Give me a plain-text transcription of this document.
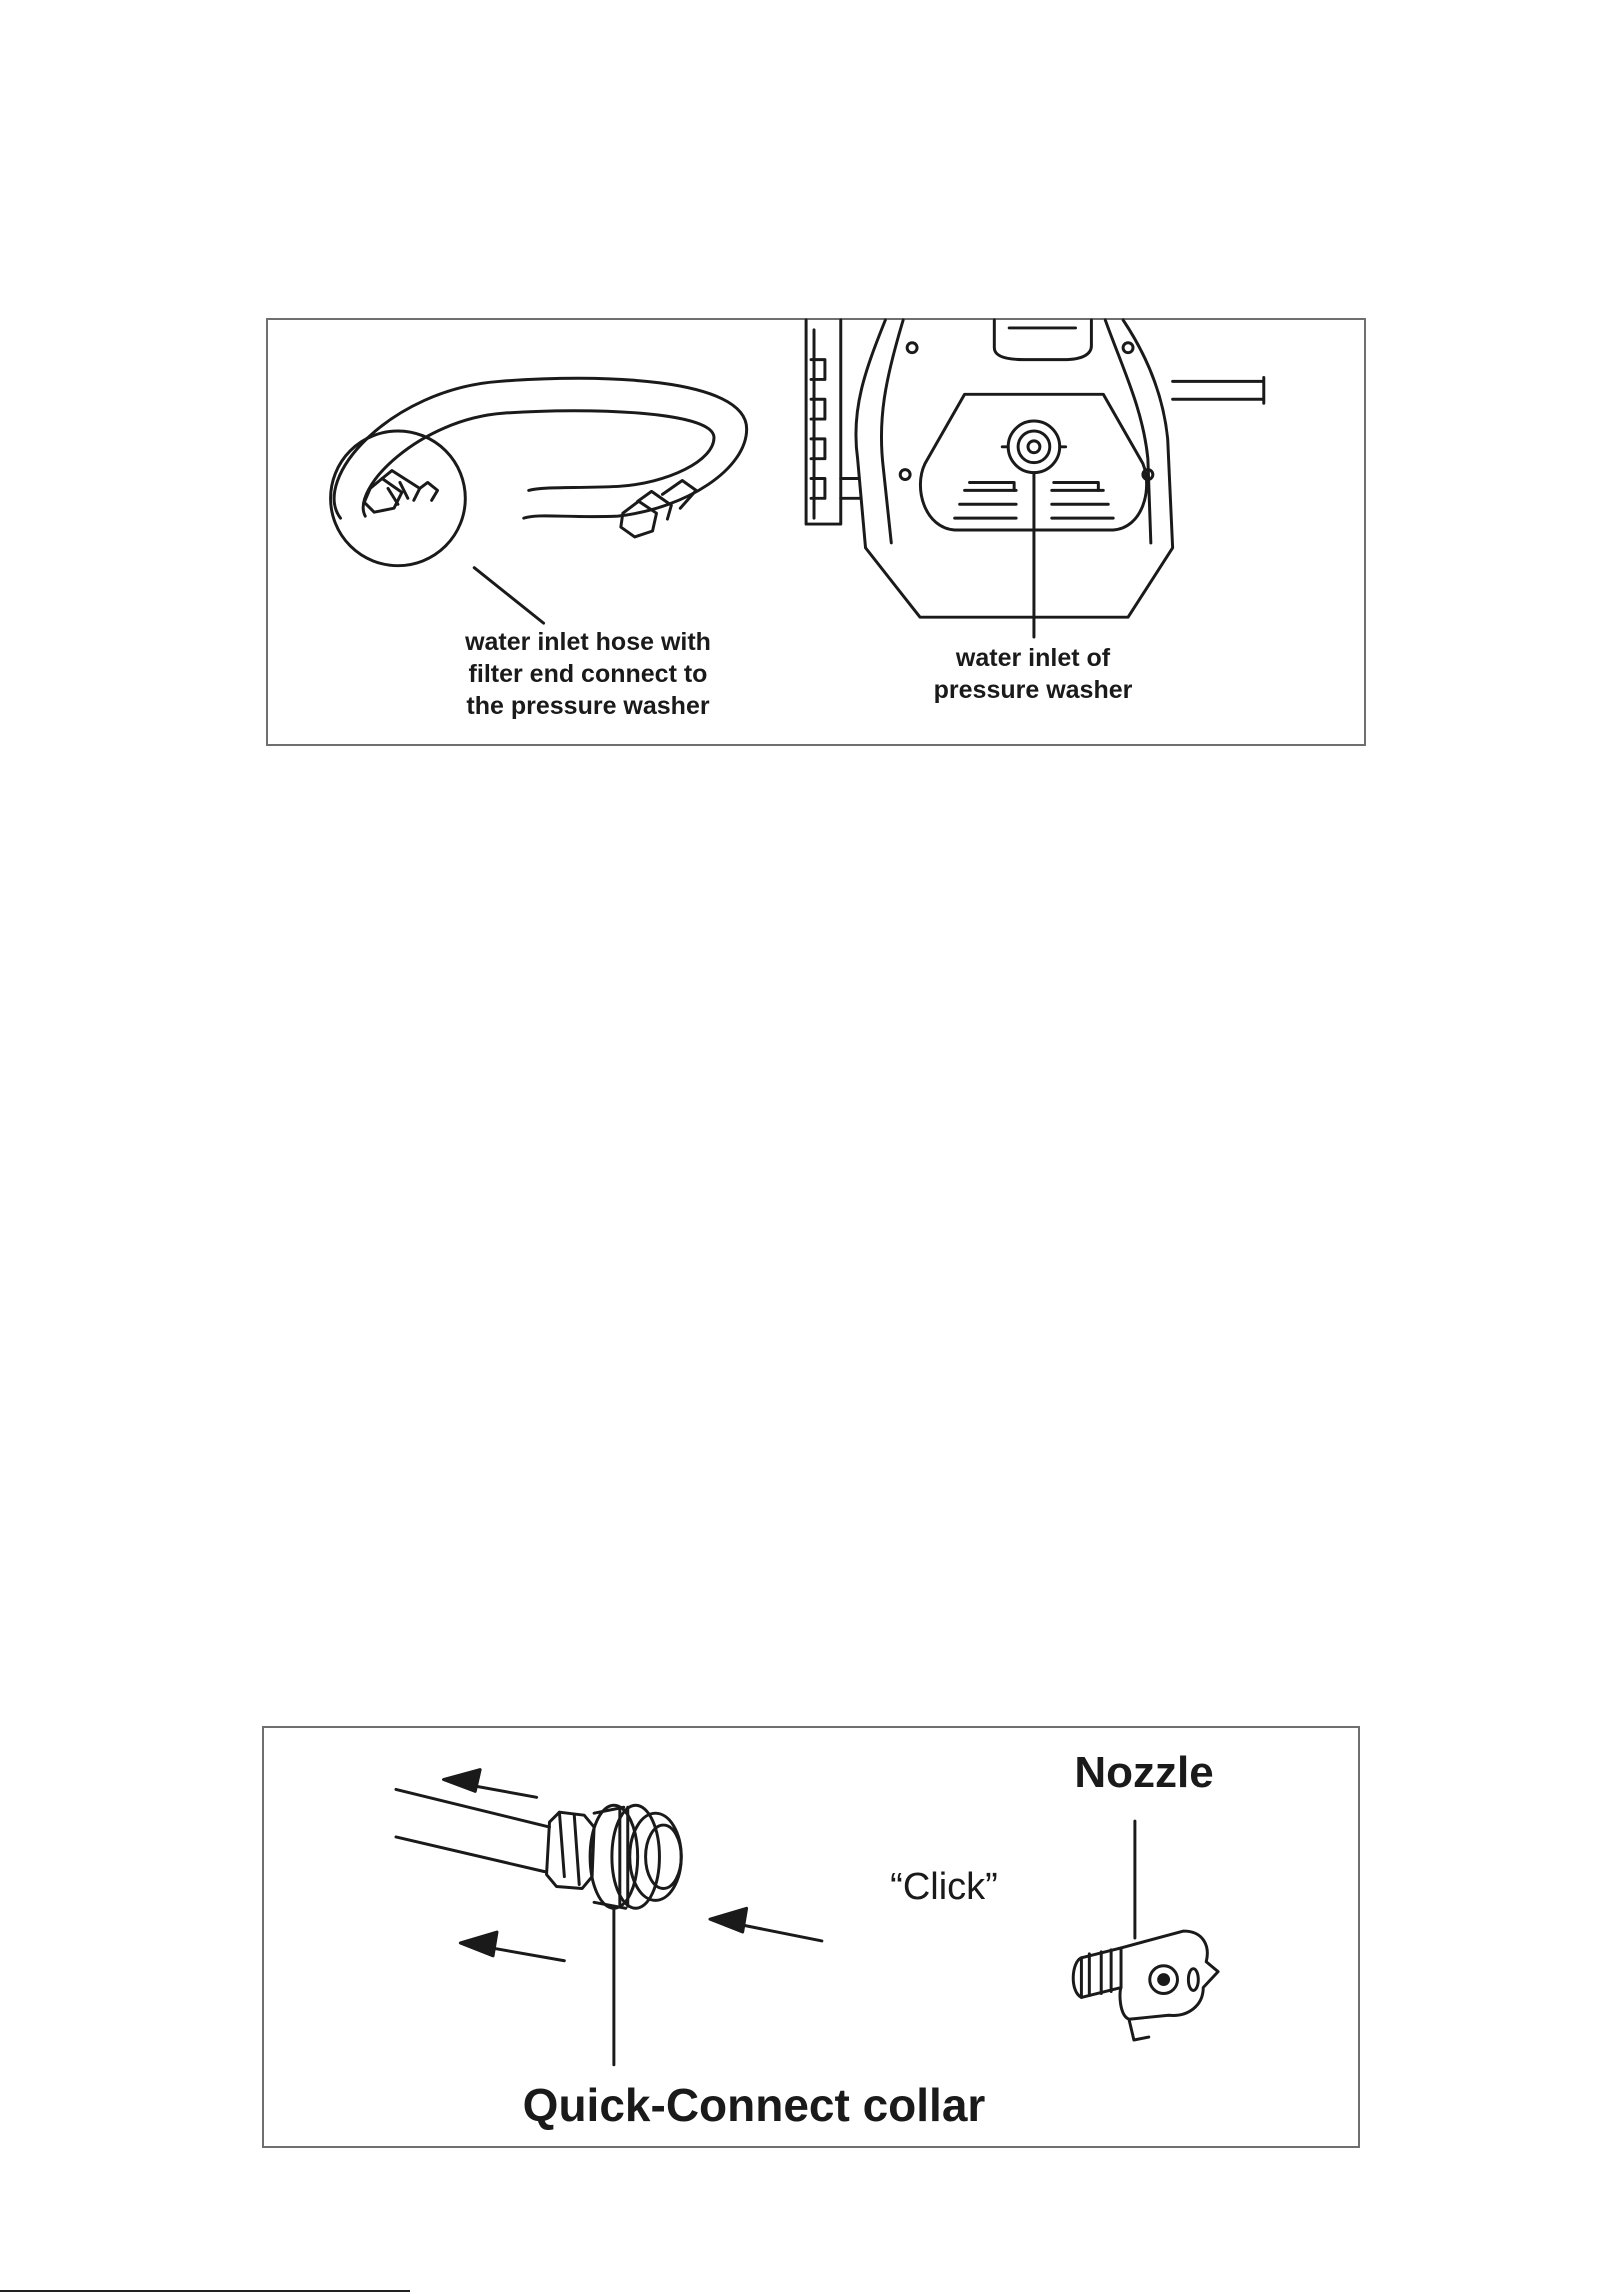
water inlet hose with
filter end connect to
the pressure washer
water inlet of
pressure washer
Nozzle
“Click”
Quick-Connect collar
